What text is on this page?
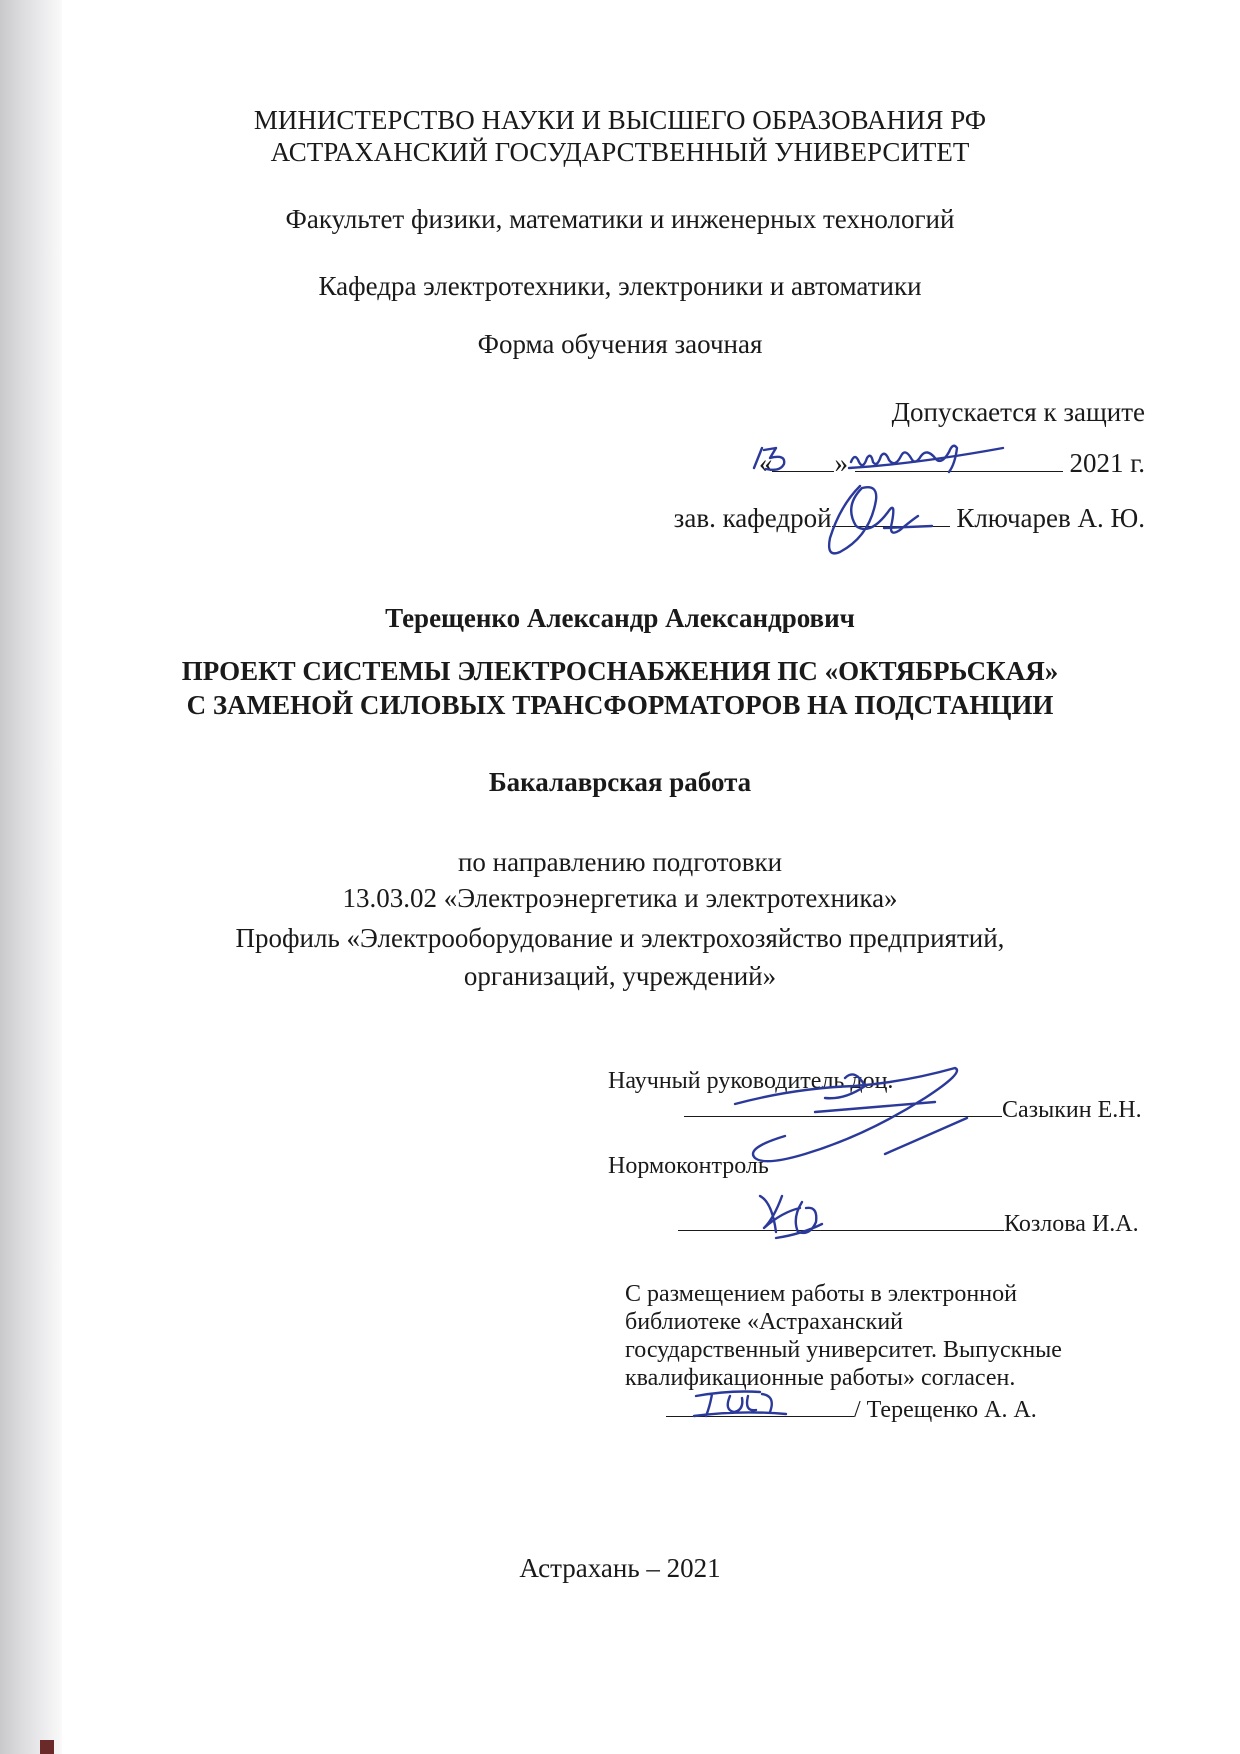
МИНИСТЕРСТВО НАУКИ И ВЫСШЕГО ОБРАЗОВАНИЯ РФ
АСТРАХАНСКИЙ ГОСУДАРСТВЕННЫЙ УНИВЕРСИТЕТ
Факультет физики, математики и инженерных технологий
Кафедра электротехники, электроники и автоматики
Форма обучения заочная
Допускается к защите
« »	2021 г.
зав. кафедрой	Ключарев А. Ю.
Терещенко Александр Александрович
ПРОЕКТ СИСТЕМЫ ЭЛЕКТРОСНАБЖЕНИЯ ПС «ОКТЯБРЬСКАЯ»
С ЗАМЕНОЙ СИЛОВЫХ ТРАНСФОРМАТОРОВ НА ПОДСТАНЦИИ
Бакалаврская работа
по направлению подготовки
13.03.02 «Электроэнергетика и электротехника»
Профиль «Электрооборудование и электрохозяйство предприятий,
организаций, учреждений»
Научный руководитель доц.
Сазыкин Е.Н.
Нормоконтроль
Козлова И.А.
С размещением работы в электронной
библиотеке «Астраханский
государственный университет. Выпускные
квалификационные работы» согласен.
/ Терещенко А. А.
Астрахань – 2021
